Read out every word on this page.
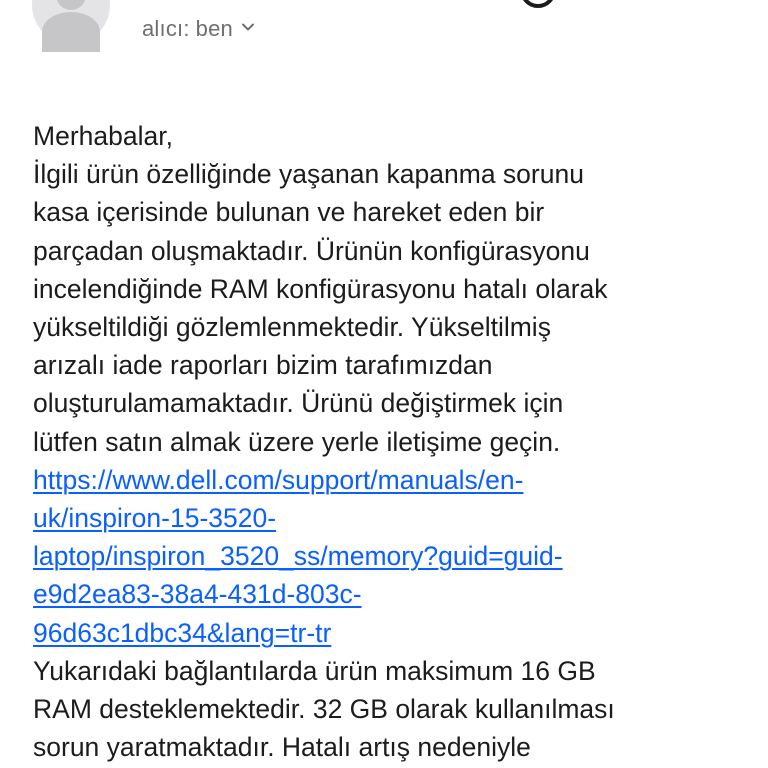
alıcı: ben
Merhabalar,
İlgili ürün özelliğinde yaşanan kapanma sorunu
kasa içerisinde bulunan ve hareket eden bir
parçadan oluşmaktadır. Ürünün konfigürasyonu
incelendiğinde RAM konfigürasyonu hatalı olarak
yükseltildiği gözlemlenmektedir. Yükseltilmiş
arızalı iade raporları bizim tarafımızdan
oluşturulamamaktadır. Ürünü değiştirmek için
lütfen satın almak üzere yerle iletişime geçin.
https://www.dell.com/support/manuals/en-
uk/inspiron-15-3520-
laptop/inspiron_3520_ss/memory?guid=guid-
e9d2ea83-38a4-431d-803c-
96d63c1dbc34&lang=tr-tr
Yukarıdaki bağlantılarda ürün maksimum 16 GB
RAM desteklemektedir. 32 GB olarak kullanılması
sorun yaratmaktadır. Hatalı artış nedeniyle
